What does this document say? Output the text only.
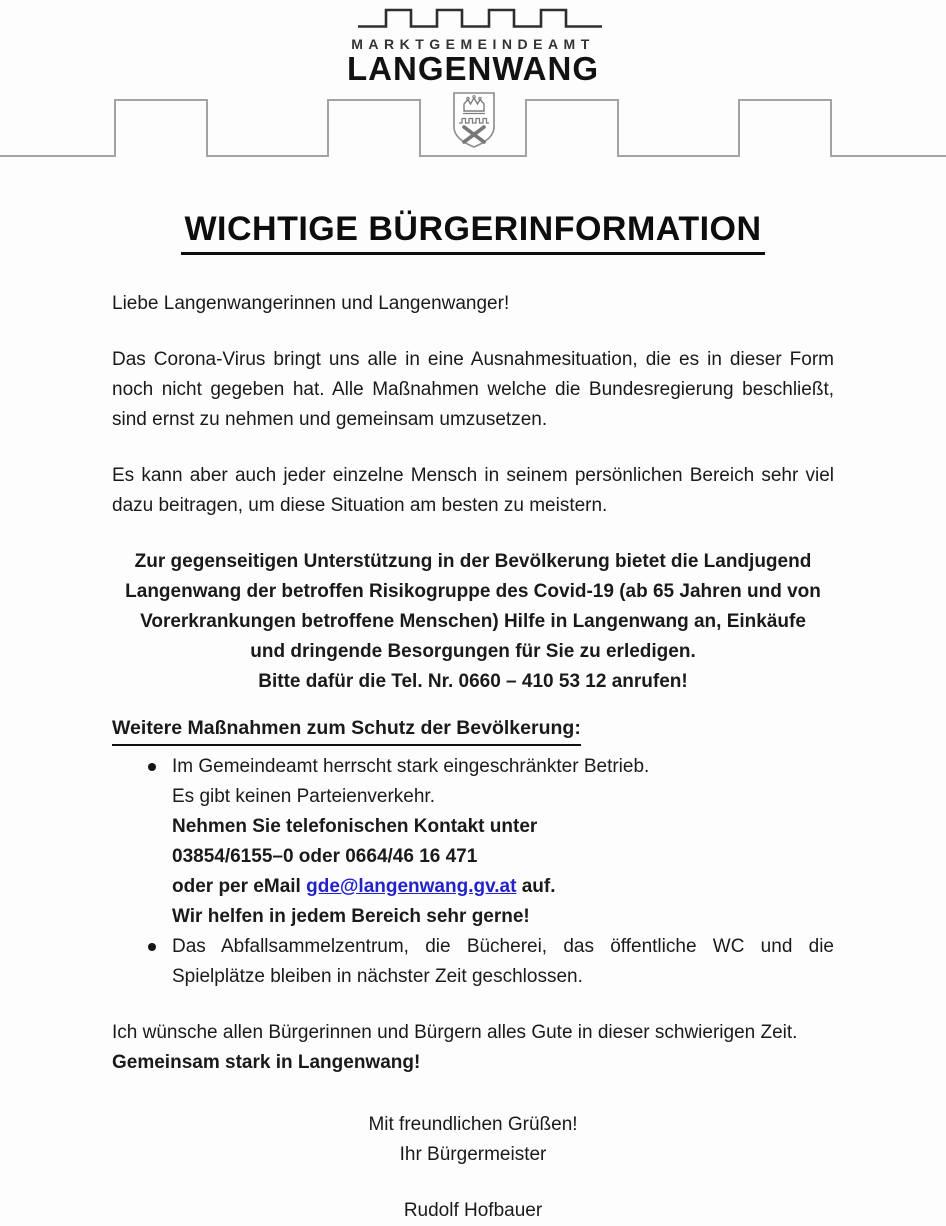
MARKTGEMEINDEAMT
LANGENWANG
WICHTIGE BÜRGERINFORMATION
Liebe Langenwangerinnen und Langenwanger!

Das Corona-Virus bringt uns alle in eine Ausnahmesituation, die es in dieser Form noch nicht gegeben hat. Alle Maßnahmen welche die Bundesregierung beschließt, sind ernst zu nehmen und gemeinsam umzusetzen.

Es kann aber auch jeder einzelne Mensch in seinem persönlichen Bereich sehr viel dazu beitragen, um diese Situation am besten zu meistern.

Zur gegenseitigen Unterstützung in der Bevölkerung bietet die Landjugend
Langenwang der betroffen Risikogruppe des Covid-19 (ab 65 Jahren und von
Vorerkrankungen betroffene Menschen) Hilfe in Langenwang an, Einkäufe
und dringende Besorgungen für Sie zu erledigen.
Bitte dafür die Tel. Nr. 0660 – 410 53 12 anrufen!
Weitere Maßnahmen zum Schutz der Bevölkerung:
Im Gemeindeamt herrscht stark eingeschränkter Betrieb.
Es gibt keinen Parteienverkehr.
Nehmen Sie telefonischen Kontakt unter
03854/6155–0 oder 0664/46 16 471
oder per eMail gde@langenwang.gv.at auf.
Wir helfen in jedem Bereich sehr gerne!
Das Abfallsammelzentrum, die Bücherei, das öffentliche WC und die Spielplätze bleiben in nächster Zeit geschlossen.

Ich wünsche allen Bürgerinnen und Bürgern alles Gute in dieser schwierigen Zeit.
Gemeinsam stark in Langenwang!

Mit freundlichen Grüßen!
Ihr Bürgermeister
Rudolf Hofbauer
